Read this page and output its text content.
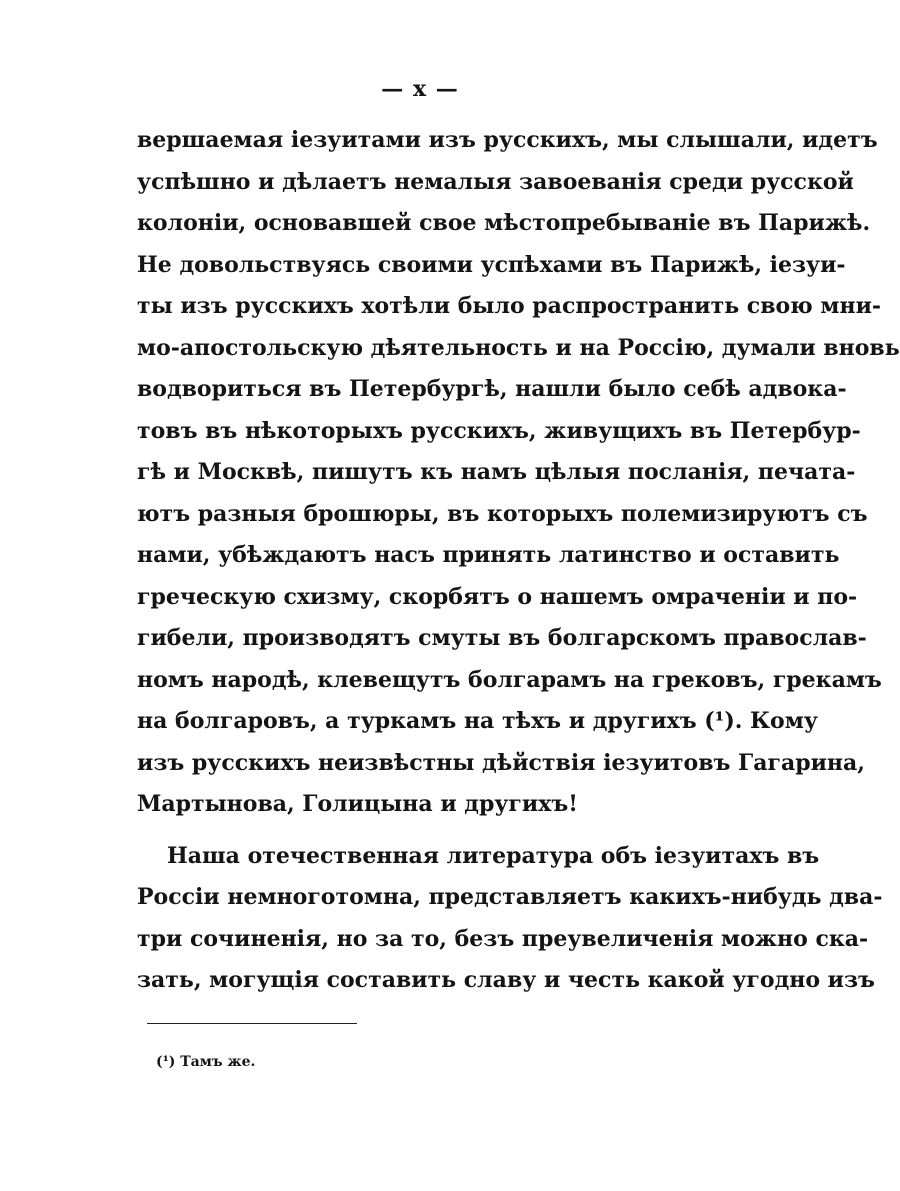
— x —
вершаемая іезуитами изъ русскихъ, мы слышали, идетъ
успѣшно и дѣлаетъ немалыя завоеванія среди русской
колоніи, основавшей свое мѣстопребываніе въ Парижѣ.
Не довольствуясь своими успѣхами въ Парижѣ, іезуи-
ты изъ русскихъ хотѣли было распространить свою мни-
мо-апостольскую дѣятельность и на Россію, думали вновь
водвориться въ Петербургѣ, нашли было себѣ адвока-
товъ въ нѣкоторыхъ русскихъ, живущихъ въ Петербур-
гѣ и Москвѣ, пишутъ къ намъ цѣлыя посланія, печата-
ютъ разныя брошюры, въ которыхъ полемизируютъ съ
нами, убѣждаютъ насъ принять латинство и оставить
греческую схизму, скорбятъ о нашемъ омраченіи и по-
гибели, производятъ смуты въ болгарскомъ православ-
номъ народѣ, клевещутъ болгарамъ на грековъ, грекамъ
на болгаровъ, а туркамъ на тѣхъ и другихъ (¹). Кому
изъ русскихъ неизвѣстны дѣйствія іезуитовъ Гагарина,
Мартынова, Голицына и другихъ!
Наша отечественная литература объ іезуитахъ въ
Россіи немноготомна, представляетъ какихъ-нибудь два-
три сочиненія, но за то, безъ преувеличенія можно ска-
зать, могущія составить славу и честь какой угодно изъ
(¹) Тамъ же.
